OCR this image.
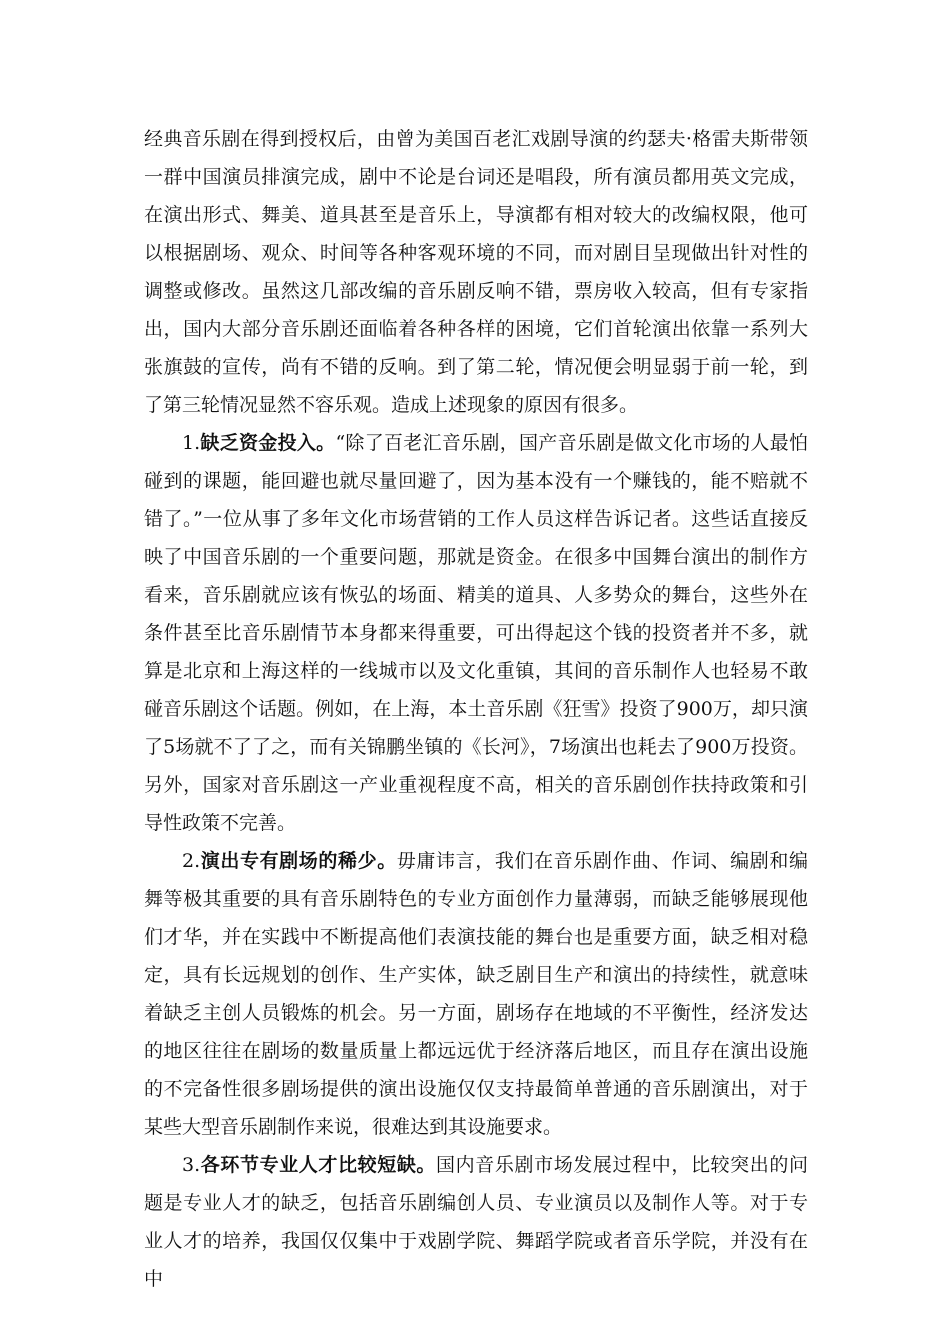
经典音乐剧在得到授权后，由曾为美国百老汇戏剧导演的约瑟夫·格雷夫斯带领一群中国演员排演完成，剧中不论是台词还是唱段，所有演员都用英文完成，在演出形式、舞美、道具甚至是音乐上，导演都有相对较大的改编权限，他可以根据剧场、观众、时间等各种客观环境的不同，而对剧目呈现做出针对性的调整或修改。虽然这几部改编的音乐剧反响不错，票房收入较高，但有专家指出，国内大部分音乐剧还面临着各种各样的困境，它们首轮演出依靠一系列大张旗鼓的宣传，尚有不错的反响。到了第二轮，情况便会明显弱于前一轮，到了第三轮情况显然不容乐观。造成上述现象的原因有很多。

1.缺乏资金投入。“除了百老汇音乐剧，国产音乐剧是做文化市场的人最怕碰到的课题，能回避也就尽量回避了，因为基本没有一个赚钱的，能不赔就不错了。”一位从事了多年文化市场营销的工作人员这样告诉记者。这些话直接反映了中国音乐剧的一个重要问题，那就是资金。在很多中国舞台演出的制作方看来，音乐剧就应该有恢弘的场面、精美的道具、人多势众的舞台，这些外在条件甚至比音乐剧情节本身都来得重要，可出得起这个钱的投资者并不多，就算是北京和上海这样的一线城市以及文化重镇，其间的音乐制作人也轻易不敢碰音乐剧这个话题。例如，在上海，本土音乐剧《狂雪》投资了900万，却只演了5场就不了了之，而有关锦鹏坐镇的《长河》，7场演出也耗去了900万投资。另外，国家对音乐剧这一产业重视程度不高，相关的音乐剧创作扶持政策和引导性政策不完善。

2.演出专有剧场的稀少。毋庸讳言，我们在音乐剧作曲、作词、编剧和编舞等极其重要的具有音乐剧特色的专业方面创作力量薄弱，而缺乏能够展现他们才华，并在实践中不断提高他们表演技能的舞台也是重要方面，缺乏相对稳定，具有长远规划的创作、生产实体，缺乏剧目生产和演出的持续性，就意味着缺乏主创人员锻炼的机会。另一方面，剧场存在地域的不平衡性，经济发达的地区往往在剧场的数量质量上都远远优于经济落后地区，而且存在演出设施的不完备性很多剧场提供的演出设施仅仅支持最简单普通的音乐剧演出，对于某些大型音乐剧制作来说，很难达到其设施要求。

3.各环节专业人才比较短缺。国内音乐剧市场发展过程中，比较突出的问题是专业人才的缺乏，包括音乐剧编创人员、专业演员以及制作人等。对于专业人才的培养，我国仅仅集中于戏剧学院、舞蹈学院或者音乐学院，并没有在中
